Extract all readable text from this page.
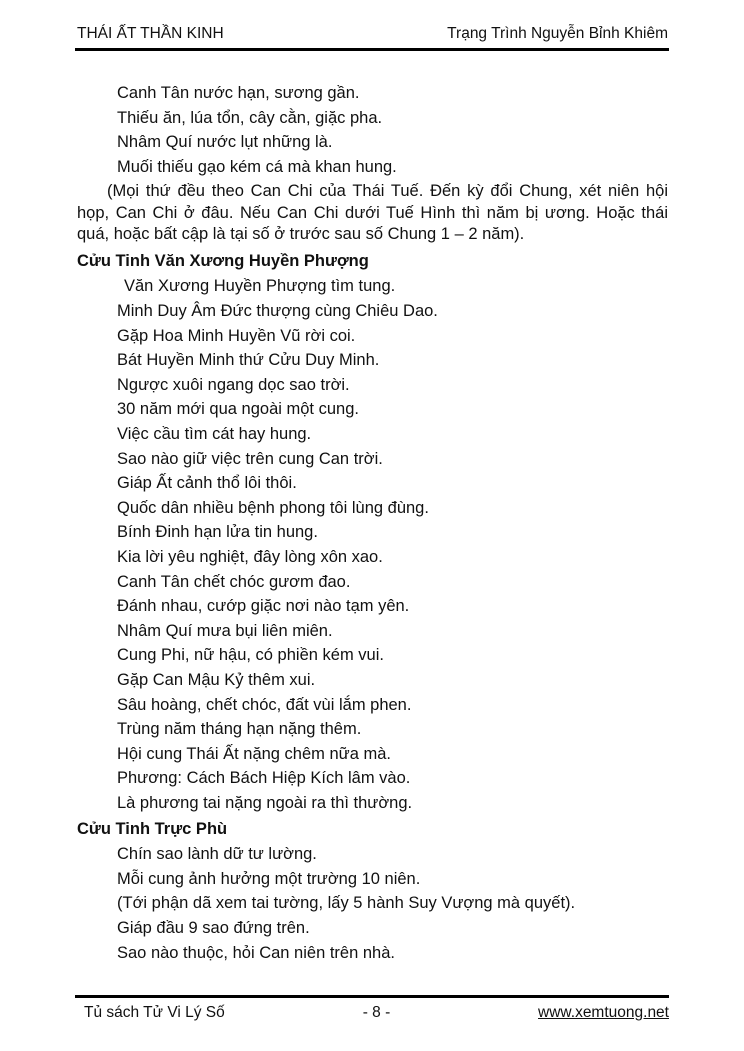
THÁI ẤT THẦN KINH	Trạng Trình Nguyễn Bỉnh Khiêm
Canh Tân nước hạn, sương gần.
Thiếu ăn, lúa tổn, cây cằn, giặc pha.
Nhâm Quí nước lụt những là.
Muối thiếu gạo kém cá mà khan hung.
(Mọi thứ đều theo Can Chi của Thái Tuế. Đến kỳ đổi Chung, xét niên hội họp, Can Chi ở đâu. Nếu Can Chi dưới Tuế Hình thì năm bị ương. Hoặc thái quá, hoặc bất cập là tại số ở trước sau số Chung 1 – 2 năm).
Cửu Tinh Văn Xương Huyền Phượng
Văn Xương Huyền Phượng tìm tung.
Minh Duy Âm Đức thượng cùng Chiêu Dao.
Gặp Hoa Minh Huyền Vũ rời coi.
Bát Huyền Minh thứ Cửu Duy Minh.
Ngược xuôi ngang dọc sao trời.
30 năm mới qua ngoài một cung.
Việc cầu tìm cát hay hung.
Sao nào giữ việc trên cung Can trời.
Giáp Ất cảnh thổ lôi thôi.
Quốc dân nhiều bệnh phong tôi lùng đùng.
Bính Đinh hạn lửa tin hung.
Kia lời yêu nghiệt, đây lòng xôn xao.
Canh Tân chết chóc gươm đao.
Đánh nhau, cướp giặc nơi nào tạm yên.
Nhâm Quí mưa bụi liên miên.
Cung Phi, nữ hậu, có phiền kém vui.
Gặp Can Mậu Kỷ thêm xui.
Sâu hoàng, chết chóc, đất vùi lắm phen.
Trùng năm tháng hạn nặng thêm.
Hội cung Thái Ất nặng chêm nữa mà.
Phương: Cách Bách Hiệp Kích lâm vào.
Là phương tai nặng ngoài ra thì thường.
Cửu Tinh Trực Phù
Chín sao lành dữ tư lường.
Mỗi cung ảnh hưởng một trường 10 niên.
(Tới phận dã xem tai tường, lấy 5 hành Suy Vượng mà quyết).
Giáp đầu 9 sao đứng trên.
Sao nào thuộc, hỏi Can niên trên nhà.
Tủ sách Tử Vi Lý Số	- 8 -	www.xemtuong.net
